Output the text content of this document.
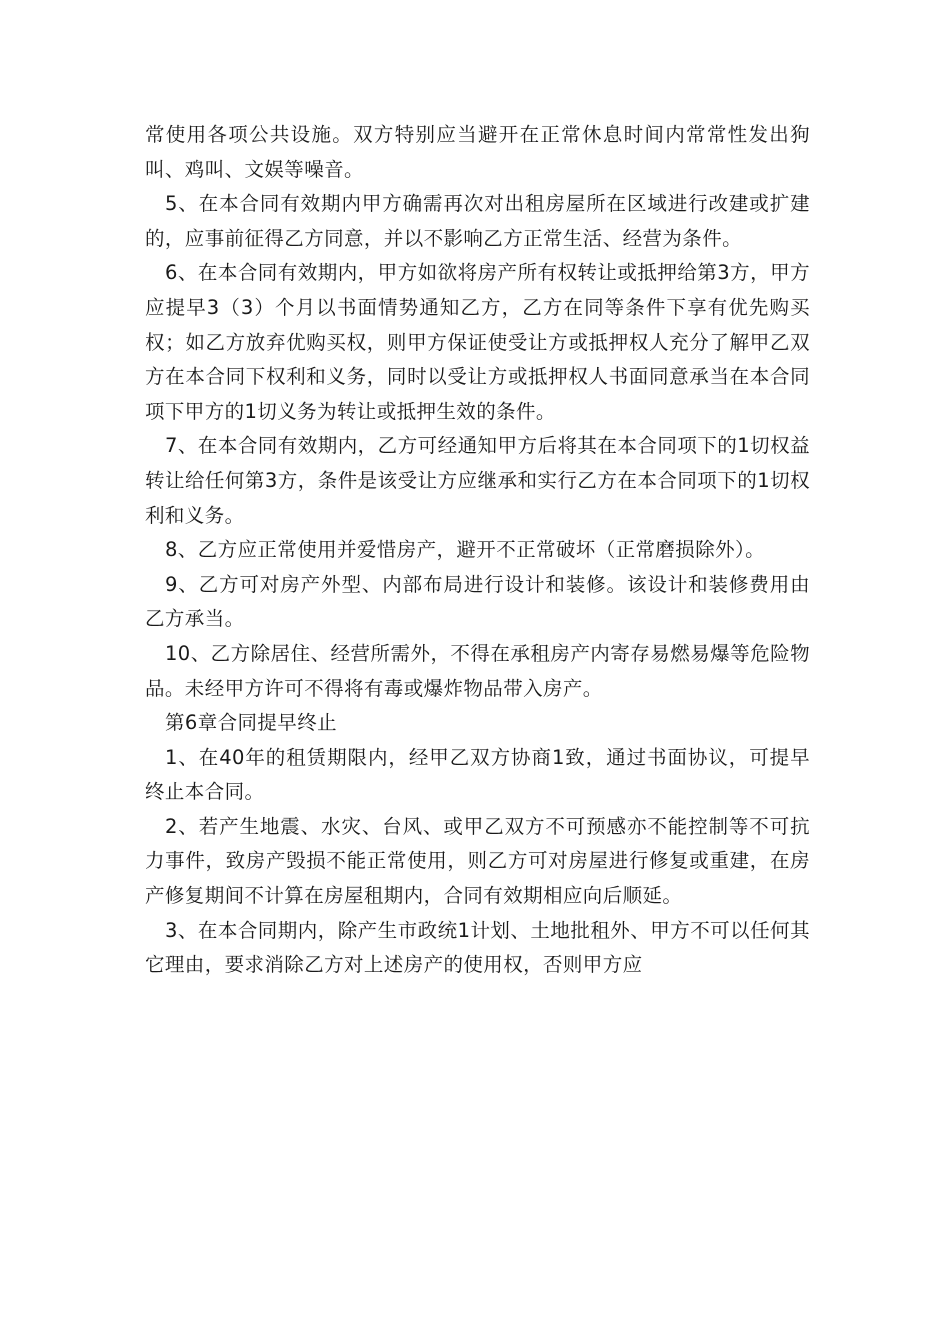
常使用各项公共设施。双方特别应当避开在正常休息时间内常常性发出狗叫、鸡叫、文娱等噪音。

5、在本合同有效期内甲方确需再次对出租房屋所在区域进行改建或扩建的，应事前征得乙方同意，并以不影响乙方正常生活、经营为条件。

6、在本合同有效期内，甲方如欲将房产所有权转让或抵押给第3方，甲方应提早3（3）个月以书面情势通知乙方，乙方在同等条件下享有优先购买权；如乙方放弃优购买权，则甲方保证使受让方或抵押权人充分了解甲乙双方在本合同下权利和义务，同时以受让方或抵押权人书面同意承当在本合同项下甲方的1切义务为转让或抵押生效的条件。

7、在本合同有效期内，乙方可经通知甲方后将其在本合同项下的1切权益转让给任何第3方，条件是该受让方应继承和实行乙方在本合同项下的1切权利和义务。

8、乙方应正常使用并爱惜房产，避开不正常破坏（正常磨损除外）。

9、乙方可对房产外型、内部布局进行设计和装修。该设计和装修费用由乙方承当。

10、乙方除居住、经营所需外，不得在承租房产内寄存易燃易爆等危险物品。未经甲方许可不得将有毒或爆炸物品带入房产。

第6章合同提早终止

1、在40年的租赁期限内，经甲乙双方协商1致，通过书面协议，可提早终止本合同。

2、若产生地震、水灾、台风、或甲乙双方不可预感亦不能控制等不可抗力事件，致房产毁损不能正常使用，则乙方可对房屋进行修复或重建，在房产修复期间不计算在房屋租期内，合同有效期相应向后顺延。

3、在本合同期内，除产生市政统1计划、土地批租外、甲方不可以任何其它理由，要求消除乙方对上述房产的使用权，否则甲方应
